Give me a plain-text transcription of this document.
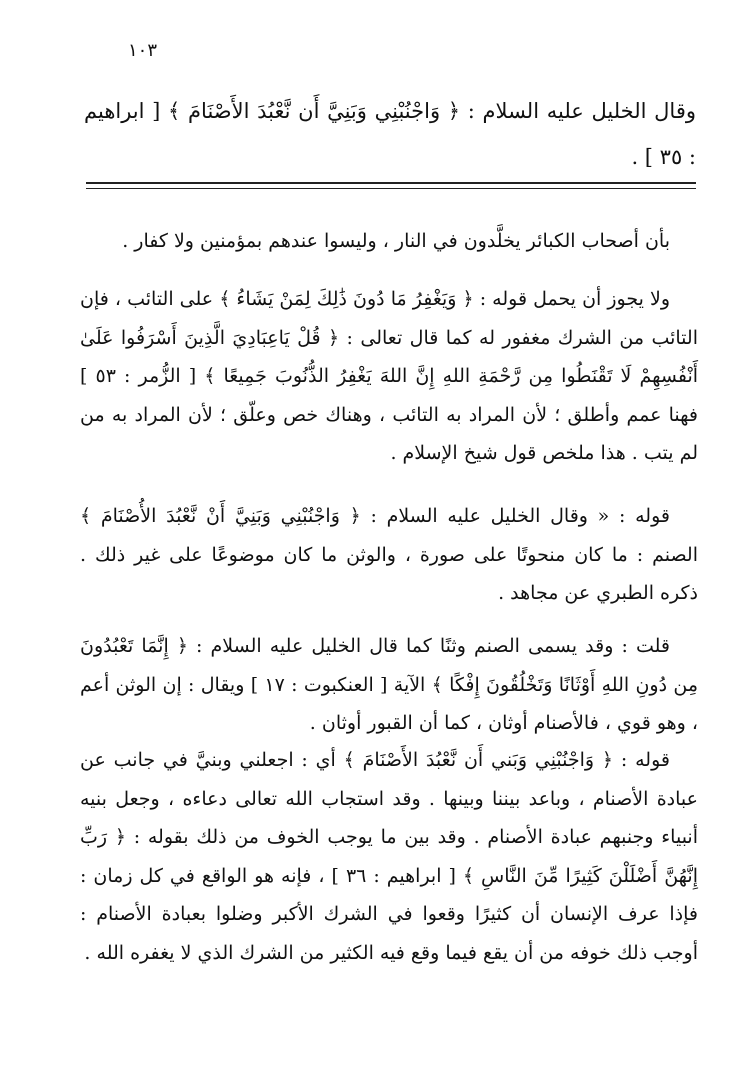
١٠٣
وقال الخليل عليه السلام : ﴿ وَاجْنُبْنِي وَبَنِيَّ أَن نَّعْبُدَ الأَصْنَامَ ﴾ [ ابراهيم : ٣٥ ] .

بأن أصحاب الكبائر يخلَّدون في النار ، وليسوا عندهم بمؤمنين ولا كفار .

ولا يجوز أن يحمل قوله : ﴿ وَيَغْفِرُ مَا دُونَ ذَٰلِكَ لِمَنْ يَشَاءُ ﴾ على التائب ، فإن التائب من الشرك مغفور له كما قال تعالى : ﴿ قُلْ يَاعِبَادِيَ الَّذِينَ أَسْرَفُوا عَلَىٰ أَنْفُسِهِمْ لَا تَقْنَطُوا مِن رَّحْمَةِ اللهِ إِنَّ اللهَ يَغْفِرُ الذُّنُوبَ جَمِيعًا ﴾ [ الزُّمر : ٥٣ ] فهنا عمم وأطلق ؛ لأن المراد به التائب ، وهناك خص وعلّق ؛ لأن المراد به من لم يتب . هذا ملخص قول شيخ الإسلام .

قوله : « وقال الخليل عليه السلام : ﴿ وَاجْنُبْنِي وَبَنِيَّ أَنْ نَّعْبُدَ الأُصْنَامَ ﴾ الصنم : ما كان منحوتًا على صورة ، والوثن ما كان موضوعًا على غير ذلك . ذكره الطبري عن مجاهد .

قلت : وقد يسمى الصنم وثنًا كما قال الخليل عليه السلام : ﴿ إِنَّمَا تَعْبُدُونَ مِن دُونِ اللهِ أَوْثَانًا وَتَخْلُقُونَ إِفْكًا ﴾ الآية [ العنكبوت : ١٧ ] ويقال : إن الوثن أعم ، وهو قوي ، فالأصنام أوثان ، كما أن القبور أوثان .

قوله : ﴿ وَاجْنُبْنِي وَبَني أَن نَّعْبُدَ الأَصْنَامَ ﴾ أي : اجعلني وبنيَّ في جانب عن عبادة الأصنام ، وباعد بيننا وبينها . وقد استجاب الله تعالى دعاءه ، وجعل بنيه أنبياء وجنبهم عبادة الأصنام . وقد بين ما يوجب الخوف من ذلك بقوله : ﴿ رَبِّ إِنَّهُنَّ أَضْلَلْنَ كَثِيرًا مِّنَ النَّاسِ ﴾ [ ابراهيم : ٣٦ ] ، فإنه هو الواقع في كل زمان : فإذا عرف الإنسان أن كثيرًا وقعوا في الشرك الأكبر وضلوا بعبادة الأصنام : أوجب ذلك خوفه من أن يقع فيما وقع فيه الكثير من الشرك الذي لا يغفره الله .
